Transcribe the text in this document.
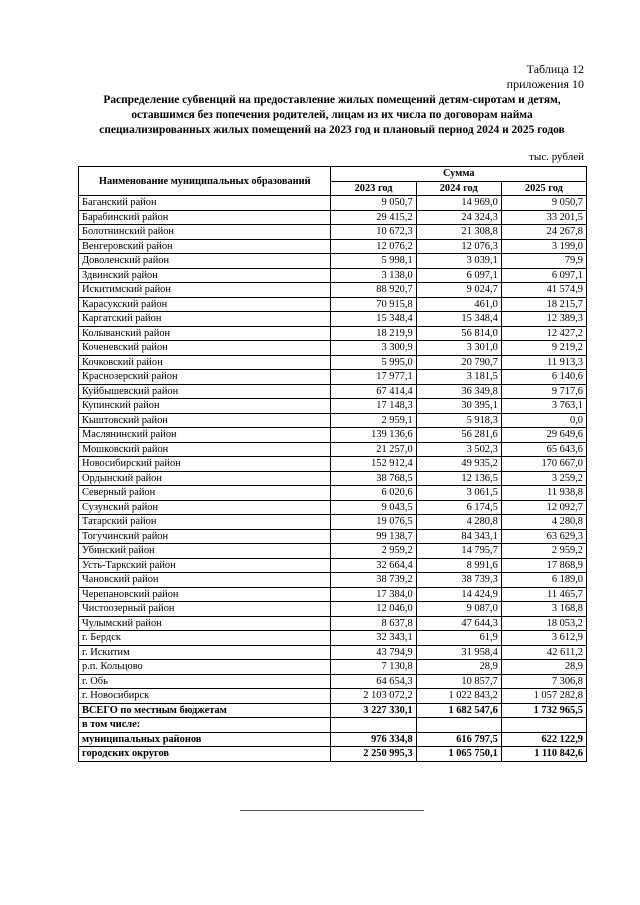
Таблица 12
приложения 10
Распределение субвенций на предоставление жилых помещений детям-сиротам и детям, оставшимся без попечения родителей, лицам из их числа по договорам найма специализированных жилых помещений на 2023 год и плановый период 2024 и 2025 годов
тыс. рублей
Наименование муниципальных образований	Сумма		
	2023 год	2024 год	2025 год
Баганский район	9 050,7	14 969,0	9 050,7
Барабинский район	29 415,2	24 324,3	33 201,5
Болотнинский район	10 672,3	21 308,8	24 267,8
Венгеровский район	12 076,2	12 076,3	3 199,0
Доволенский район	5 998,1	3 039,1	79,9
Здвинский район	3 138,0	6 097,1	6 097,1
Искитимский район	88 920,7	9 024,7	41 574,9
Карасукский район	70 915,8	461,0	18 215,7
Каргатский район	15 348,4	15 348,4	12 389,3
Колыванский район	18 219,9	56 814,0	12 427,2
Коченевский район	3 300,9	3 301,0	9 219,2
Кочковский район	5 995,0	20 790,7	11 913,3
Краснозерский район	17 977,1	3 181,5	6 140,6
Куйбышевский район	67 414,4	36 349,8	9 717,6
Купинский район	17 148,3	30 395,1	3 763,1
Кыштовский район	2 959,1	5 918,3	0,0
Маслянинский район	139 136,6	56 281,6	29 649,6
Мошковский район	21 257,0	3 502,3	65 643,6
Новосибирский район	152 912,4	49 935,2	170 667,0
Ордынский район	38 768,5	12 136,5	3 259,2
Северный район	6 020,6	3 061,5	11 938,8
Сузунский район	9 043,5	6 174,5	12 092,7
Татарский район	19 076,5	4 280,8	4 280,8
Тогучинский район	99 138,7	84 343,1	63 629,3
Убинский район	2 959,2	14 795,7	2 959,2
Усть-Таркский район	32 664,4	8 991,6	17 868,9
Чановский район	38 739,2	38 739,3	6 189,0
Черепановский район	17 384,0	14 424,9	11 465,7
Чистоозерный район	12 046,0	9 087,0	3 168,8
Чулымский район	8 637,8	47 644,3	18 053,2
г. Бердск	32 343,1	61,9	3 612,9
г. Искитим	43 794,9	31 958,4	42 611,2
р.п. Кольцово	7 130,8	28,9	28,9
г. Обь	64 654,3	10 857,7	7 306,8
г. Новосибирск	2 103 072,2	1 022 843,2	1 057 282,8
ВСЕГО по местным бюджетам	3 227 330,1	1 682 547,6	1 732 965,5
в том числе:			
муниципальных районов	976 334,8	616 797,5	622 122,9
городских округов	2 250 995,3	1 065 750,1	1 110 842,6
